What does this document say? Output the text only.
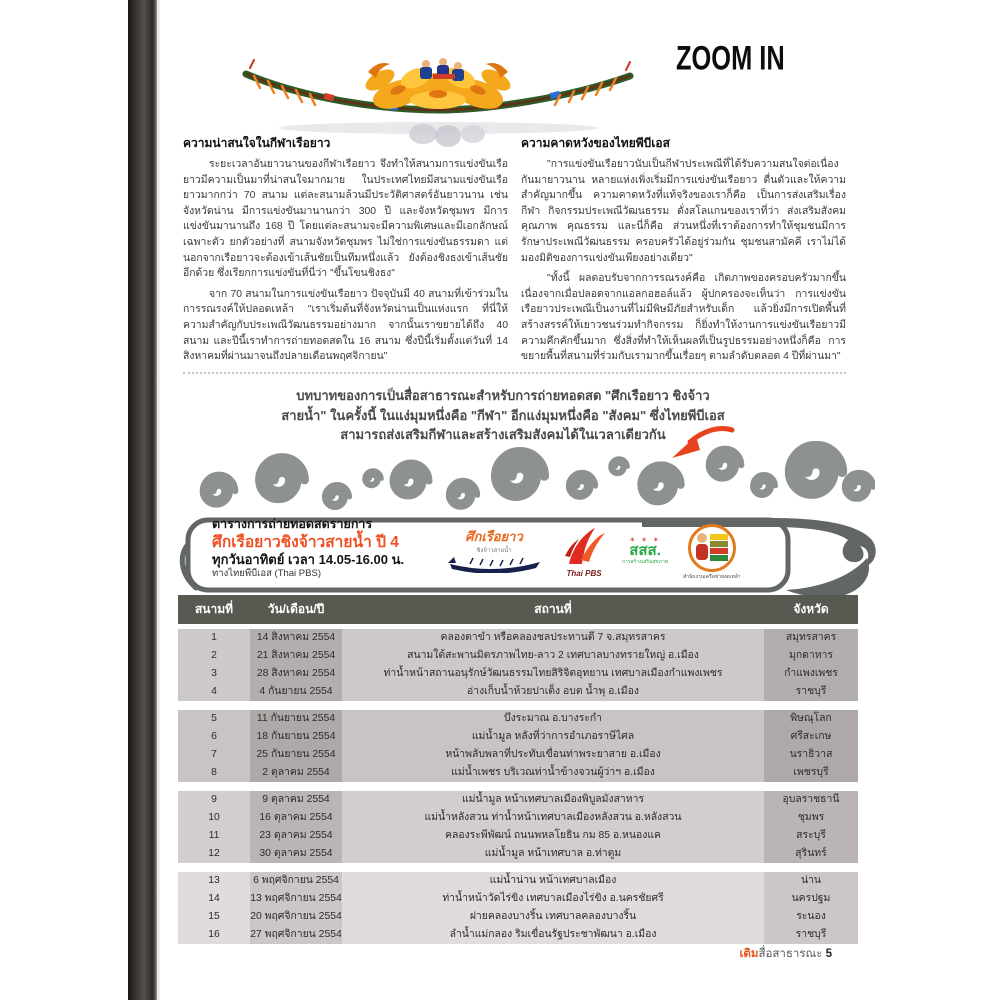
ZOOM IN
ความน่าสนใจในกีฬาเรือยาว

ระยะเวลาอันยาวนานของกีฬาเรือยาว จึงทำให้สนามการแข่งขันเรือยาวมีความเป็นมาที่น่าสนใจมากมาย ในประเทศไทยมีสนามแข่งขันเรือยาวมากกว่า 70 สนาม แต่ละสนามล้วนมีประวัติศาสตร์อันยาวนาน เช่น จังหวัดน่าน มีการแข่งขันมานานกว่า 300 ปี และจังหวัดชุมพร มีการแข่งขันมานานถึง 168 ปี โดยแต่ละสนามจะมีความพิเศษและมีเอกลักษณ์เฉพาะตัว ยกตัวอย่างที่ สนามจังหวัดชุมพร ไม่ใช่การแข่งขันธรรมดา แต่นอกจากเรือยาวจะต้องเข้าเส้นชัยเป็นทีมหนึ่งแล้ว ยังต้องชิงธงเข้าเส้นชัยอีกด้วย ซึ่งเรียกการแข่งขันที่นี่ว่า "ขึ้นโขนชิงธง"

จาก 70 สนามในการแข่งขันเรือยาว ปัจจุบันมี 40 สนามที่เข้าร่วมในการรณรงค์ให้ปลอดเหล้า "เราเริ่มต้นที่จังหวัดน่านเป็นแห่งแรก ที่นี่ให้ความสำคัญกับประเพณีวัฒนธรรมอย่างมาก จากนั้นเราขยายได้ถึง 40 สนาม และปีนี้เราทำการถ่ายทอดสดใน 16 สนาม ซึ่งปีนี้เริ่มตั้งแต่วันที่ 14 สิงหาคมที่ผ่านมาจนถึงปลายเดือนพฤศจิกายน"

ความคาดหวังของไทยพีบีเอส

"การแข่งขันเรือยาวนับเป็นกีฬาประเพณีที่ได้รับความสนใจต่อเนื่องกันมายาวนาน หลายแห่งเพิ่งเริ่มมีการแข่งขันเรือยาว ตื่นตัวและให้ความสำคัญมากขึ้น ความคาดหวังที่แท้จริงของเราก็คือ เป็นการส่งเสริมเรื่องกีฬา กิจกรรมประเพณีวัฒนธรรม ดั่งสโลแกนของเราที่ว่า ส่งเสริมสังคม คุณภาพ คุณธรรม และนี่ก็คือ ส่วนหนึ่งที่เราต้องการทำให้ชุมชนมีการรักษาประเพณีวัฒนธรรม ครอบครัวได้อยู่ร่วมกัน ชุมชนสามัคคี เราไม่ได้มองมิติของการแข่งขันเพียงอย่างเดียว"

"ทั้งนี้ ผลตอบรับจากการรณรงค์คือ เกิดภาพของครอบครัวมากขึ้น เนื่องจากเมื่อปลอดจากแอลกอฮอล์แล้ว ผู้ปกครองจะเห็นว่า การแข่งขันเรือยาวประเพณีเป็นงานที่ไม่มีพิษมีภัยสำหรับเด็ก แล้วยิ่งมีการเปิดพื้นที่สร้างสรรค์ให้เยาวชนร่วมทำกิจกรรม ก็ยิ่งทำให้งานการแข่งขันเรือยาวมีความคึกคักขึ้นมาก ซึ่งสิ่งที่ทำให้เห็นผลที่เป็นรูปธรรมอย่างหนึ่งก็คือ การขยายพื้นที่สนามที่ร่วมกับเรามากขึ้นเรื่อยๆ ตามลำดับตลอด 4 ปีที่ผ่านมา"

บทบาทของการเป็นสื่อสาธารณะสำหรับการถ่ายทอดสด "ศึกเรือยาว ชิงจ้าวสายน้ำ" ในครั้งนี้ ในแง่มุมหนึ่งคือ "กีฬา" อีกแง่มุมหนึ่งคือ "สังคม" ซึ่งไทยพีบีเอสสามารถส่งเสริมกีฬาและสร้างเสริมสังคมได้ในเวลาเดียวกัน
ตารางการถ่ายทอดสดรายการ
ศึกเรือยาวชิงจ้าวสายน้ำ ปี 4
ทุกวันอาทิตย์ เวลา 14.05-16.00 น.
ทางไทยพีบีเอส (Thai PBS)
ศึกเรือยาว
ชิงจ้าวสายน้ำ
Thai PBS
✶ ✶ ✶
สสส.
การสร้างเสริมสุขภาพ
สำนักงานเครือข่ายงดเหล้า
สนามที่	วัน/เดือน/ปี	สถานที่	จังหวัด
1	14 สิงหาคม 2554	คลองตาขำ หรือคลองชลประทานดี 7 จ.สมุทรสาคร	สมุทรสาคร
2	21 สิงหาคม 2554	สนามใต้สะพานมิตรภาพไทย-ลาว 2 เทศบาลบางทรายใหญ่ อ.เมือง	มุกดาหาร
3	28 สิงหาคม 2554	ท่าน้ำหน้าสถานอนุรักษ์วัฒนธรรมไทยสิริจิตอุทยาน เทศบาลเมืองกำแพงเพชร	กำแพงเพชร
4	4 กันยายน 2554	อ่างเก็บน้ำห้วยปาเต็ง อบต น้ำพุ อ.เมือง	ราชบุรี
5	11 กันยายน 2554	บึงระมาณ อ.บางระกำ	พิษณุโลก
6	18 กันยายน 2554	แม่น้ำมูล หลังที่ว่าการอำเภอราษีไศล	ศรีสะเกษ
7	25 กันยายน 2554	หน้าพลับพลาที่ประทับเขื่อนท่าพระยาสาย อ.เมือง	นราธิวาส
8	2 ตุลาคม 2554	แม่น้ำเพชร บริเวณท่าน้ำข้างจวนผู้ว่าฯ อ.เมือง	เพชรบุรี
9	9 ตุลาคม 2554	แม่น้ำมูล หน้าเทศบาลเมืองพิบูลมังสาหาร	อุบลราชธานี
10	16 ตุลาคม 2554	แม่น้ำหลังสวน ท่าน้ำหน้าเทศบาลเมืองหลังสวน อ.หลังสวน	ชุมพร
11	23 ตุลาคม 2554	คลองระพีพัฒน์ ถนนพหลโยธิน กม 85 อ.หนองแค	สระบุรี
12	30 ตุลาคม 2554	แม่น้ำมูล หน้าเทศบาล อ.ท่าตูม	สุรินทร์
13	6 พฤศจิกายน 2554	แม่น้ำน่าน หน้าเทศบาลเมือง	น่าน
14	13 พฤศจิกายน 2554	ท่าน้ำหน้าวัดไร่ขิง เทศบาลเมืองไร่ขิง อ.นครชัยศรี	นครปฐม
15	20 พฤศจิกายน 2554	ฝายคลองบางริ้น เทศบาลคลองบางริ้น	ระนอง
16	27 พฤศจิกายน 2554	ลำน้ำแม่กลอง ริมเขื่อนรัฐประชาพัฒนา อ.เมือง	ราชบุรี
เติมสื่อสาธารณะ 5
